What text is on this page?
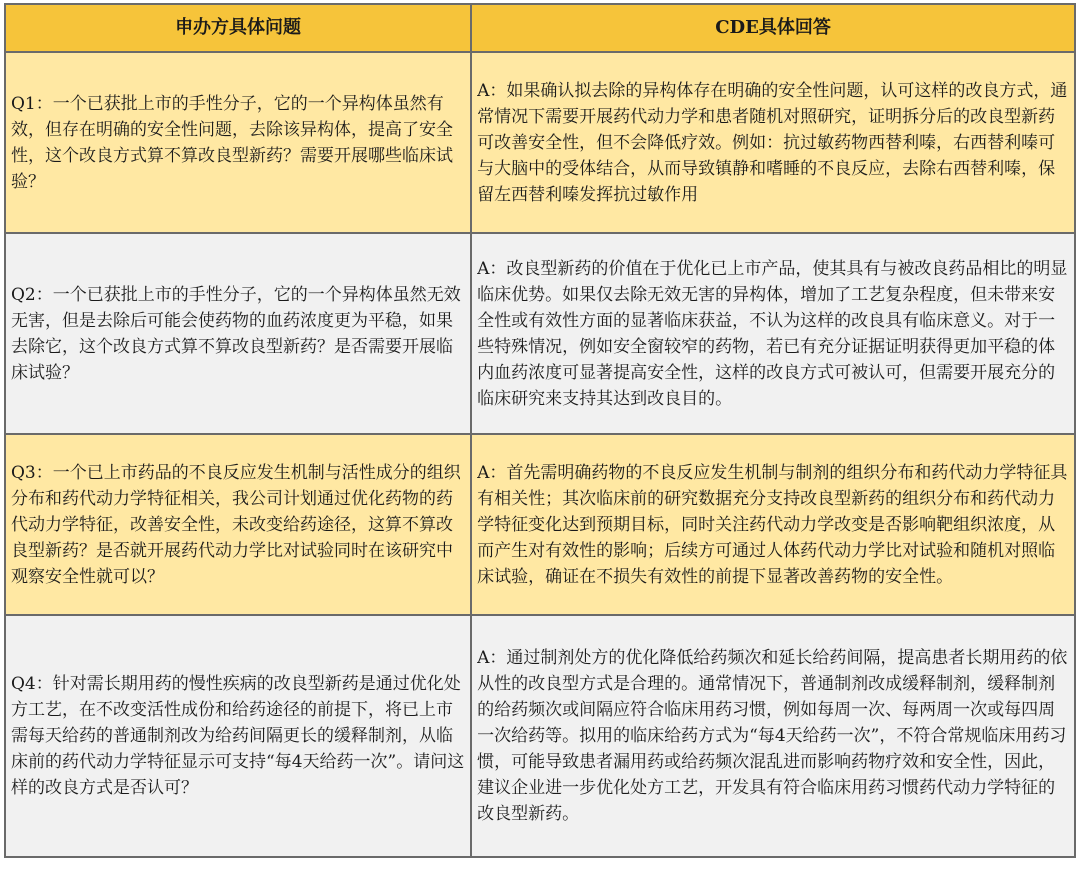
申办方具体问题	CDE具体回答
Q1：一个已获批上市的手性分子，它的一个异构体虽然有效，但存在明确的安全性问题，去除该异构体，提高了安全性，这个改良方式算不算改良型新药？需要开展哪些临床试验？	A：如果确认拟去除的异构体存在明确的安全性问题，认可这样的改良方式，通常情况下需要开展药代动力学和患者随机对照研究，证明拆分后的改良型新药可改善安全性，但不会降低疗效。例如：抗过敏药物西替利嗪，右西替利嗪可与大脑中的受体结合，从而导致镇静和嗜睡的不良反应，去除右西替利嗪，保留左西替利嗪发挥抗过敏作用
Q2：一个已获批上市的手性分子，它的一个异构体虽然无效无害，但是去除后可能会使药物的血药浓度更为平稳，如果去除它，这个改良方式算不算改良型新药？是否需要开展临床试验？	A：改良型新药的价值在于优化已上市产品，使其具有与被改良药品相比的明显临床优势。如果仅去除无效无害的异构体，增加了工艺复杂程度，但未带来安全性或有效性方面的显著临床获益，不认为这样的改良具有临床意义。对于一些特殊情况，例如安全窗较窄的药物，若已有充分证据证明获得更加平稳的体内血药浓度可显著提高安全性，这样的改良方式可被认可，但需要开展充分的临床研究来支持其达到改良目的。
Q3：一个已上市药品的不良反应发生机制与活性成分的组织分布和药代动力学特征相关，我公司计划通过优化药物的药代动力学特征，改善安全性，未改变给药途径，这算不算改良型新药？是否就开展药代动力学比对试验同时在该研究中观察安全性就可以？	A：首先需明确药物的不良反应发生机制与制剂的组织分布和药代动力学特征具有相关性；其次临床前的研究数据充分支持改良型新药的组织分布和药代动力学特征变化达到预期目标，同时关注药代动力学改变是否影响靶组织浓度，从而产生对有效性的影响；后续方可通过人体药代动力学比对试验和随机对照临床试验，确证在不损失有效性的前提下显著改善药物的安全性。
Q4：针对需长期用药的慢性疾病的改良型新药是通过优化处方工艺，在不改变活性成份和给药途径的前提下，将已上市需每天给药的普通制剂改为给药间隔更长的缓释制剂，从临床前的药代动力学特征显示可支持“每4天给药一次”。请问这样的改良方式是否认可？	A：通过制剂处方的优化降低给药频次和延长给药间隔，提高患者长期用药的依从性的改良型方式是合理的。通常情况下，普通制剂改成缓释制剂，缓释制剂的给药频次或间隔应符合临床用药习惯，例如每周一次、每两周一次或每四周一次给药等。拟用的临床给药方式为“每4天给药一次”，不符合常规临床用药习惯，可能导致患者漏用药或给药频次混乱进而影响药物疗效和安全性，因此，建议企业进一步优化处方工艺，开发具有符合临床用药习惯药代动力学特征的改良型新药。
